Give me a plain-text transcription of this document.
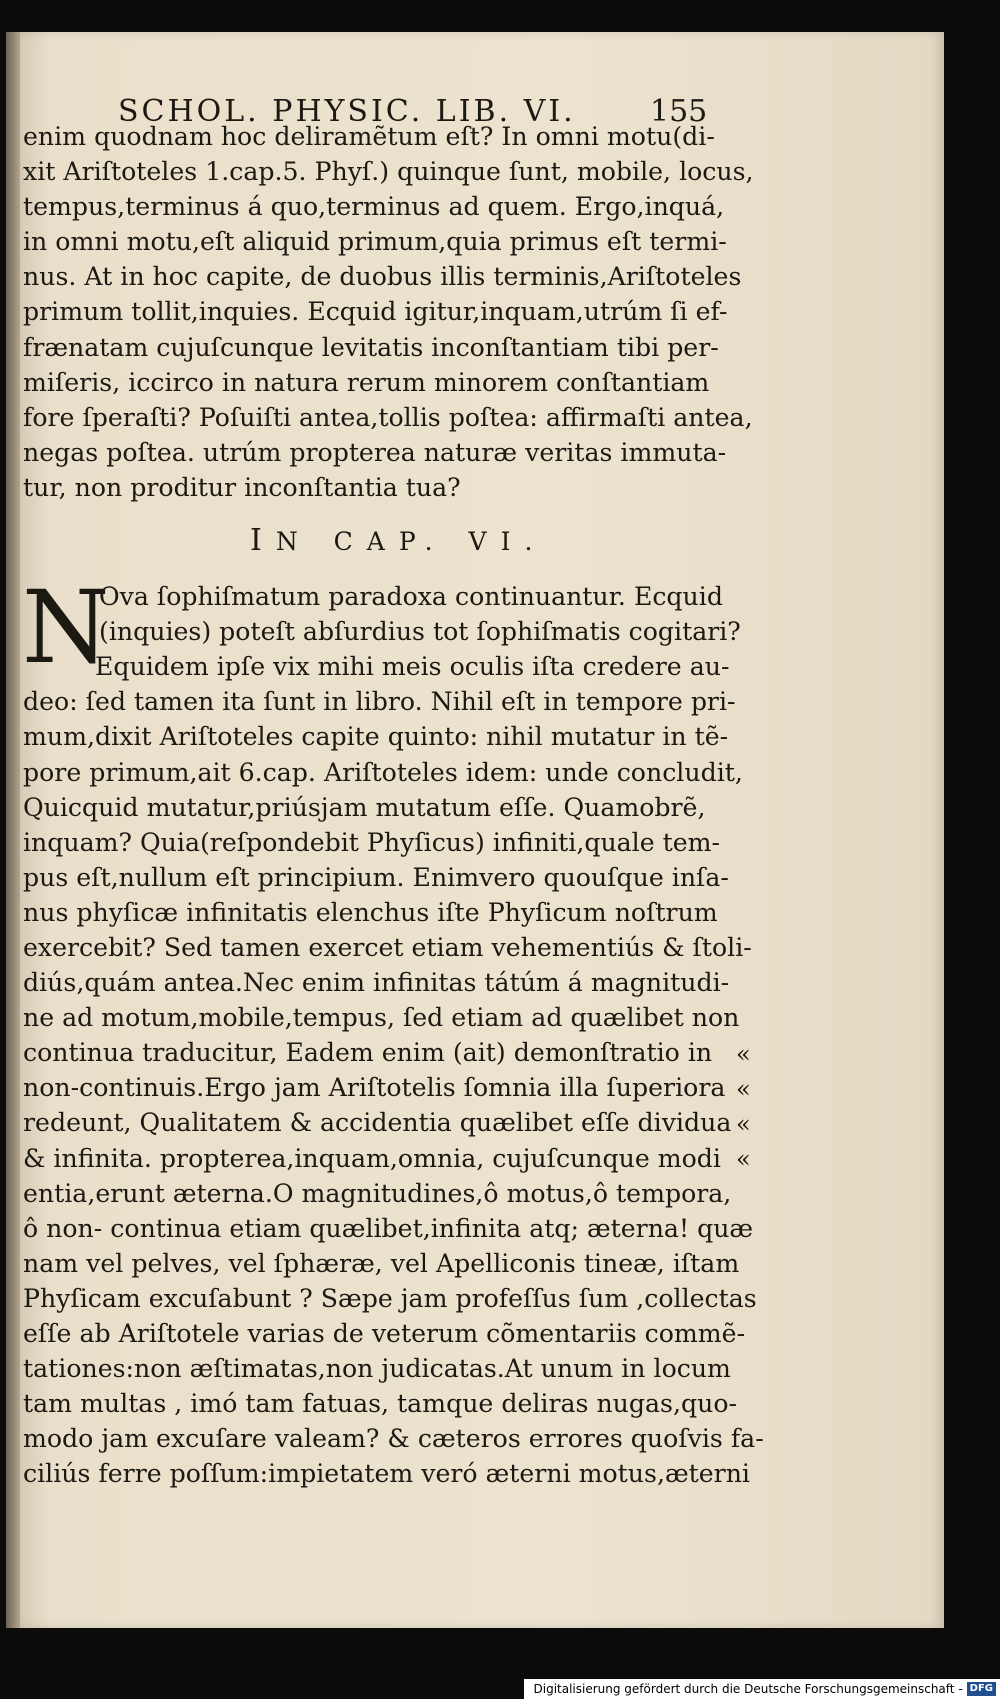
SCHOL. PHYSIC. LIB. VI. 155
enim quodnam hoc deliramẽtum eſt? In omni motu(di-
xit Ariſtoteles 1.cap.5. Phyſ.) quinque ſunt, mobile, locus,
tempus,terminus á quo,terminus ad quem. Ergo,inquá,
in omni motu,eſt aliquid primum,quia primus eſt termi-
nus. At in hoc capite, de duobus illis terminis,Ariſtoteles
primum tollit,inquies. Ecquid igitur,inquam,utrúm ſi ef-
frænatam cujuſcunque levitatis inconſtantiam tibi per-
miſeris, iccirco in natura rerum minorem conſtantiam
fore ſperaſti? Poſuiſti antea,tollis poſtea: affirmaſti antea,
negas poſtea. utrúm propterea naturæ veritas immuta-
tur, non proditur inconſtantia tua?
IN CAP. VI.
N
Ova ſophiſmatum paradoxa continuantur. Ecquid
(inquies) poteſt abſurdius tot ſophiſmatis cogitari?
Equidem ipſe vix mihi meis oculis iſta credere au-
deo: ſed tamen ita ſunt in libro. Nihil eſt in tempore pri-
mum,dixit Ariſtoteles capite quinto: nihil mutatur in tẽ-
pore primum,ait 6.cap. Ariſtoteles idem: unde concludit,
Quicquid mutatur,priúsjam mutatum eſſe. Quamobrẽ,
inquam? Quia(reſpondebit Phyſicus) infiniti,quale tem-
pus eſt,nullum eſt principium. Enimvero quouſque inſa-
nus phyſicæ infinitatis elenchus iſte Phyſicum noſtrum
exercebit? Sed tamen exercet etiam vehementiús & ſtoli-
diús,quám antea.Nec enim infinitas tátúm á magnitudi-
ne ad motum,mobile,tempus, ſed etiam ad quælibet non
continua traducitur, Eadem enim (ait) demonſtratio in
non-continuis.Ergo jam Ariſtotelis ſomnia illa ſuperiora
redeunt, Qualitatem & accidentia quælibet eſſe dividua
& infinita. propterea,inquam,omnia, cujuſcunque modi
entia,erunt æterna.O magnitudines,ô motus,ô tempora,
ô non- continua etiam quælibet,infinita atq; æterna! quæ
nam vel pelves, vel ſphæræ, vel Apelliconis tineæ, iſtam
Phyſicam excuſabunt ? Sæpe jam profeſſus ſum ,collectas
eſſe ab Ariſtotele varias de veterum cõmentariis commẽ-
tationes:non æſtimatas,non judicatas.At unum in locum
tam multas , imó tam fatuas, tamque deliras nugas,quo-
modo jam excuſare valeam? & cæteros errores quoſvis fa-
ciliús ferre poſſum:impietatem veró æterni motus,æterni
«
«
«
«
Digitalisierung gefördert durch die Deutsche Forschungsgemeinschaft - DFG
